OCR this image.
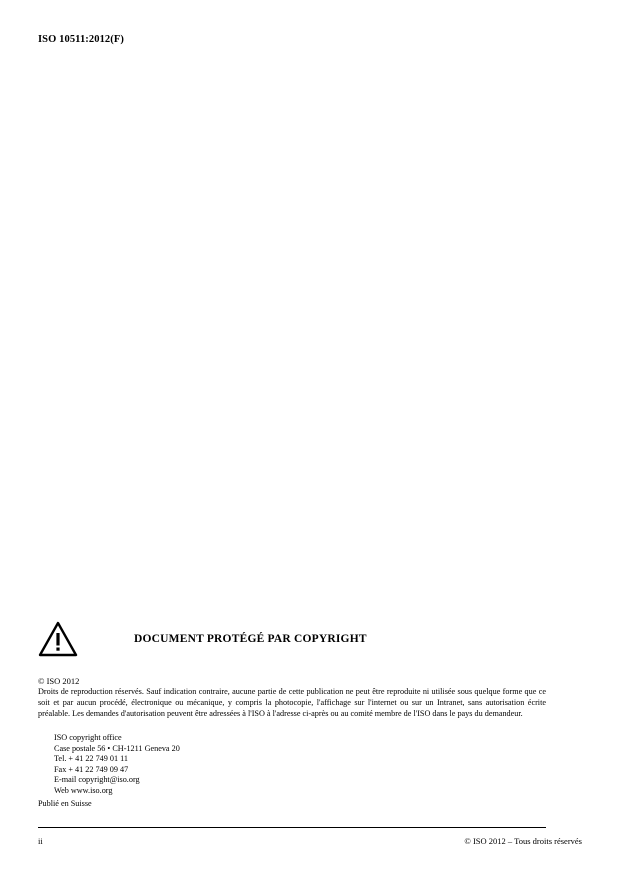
ISO 10511:2012(F)
DOCUMENT PROTÉGÉ PAR COPYRIGHT
© ISO 2012
Droits de reproduction réservés. Sauf indication contraire, aucune partie de cette publication ne peut être reproduite ni utilisée sous quelque forme que ce soit et par aucun procédé, électronique ou mécanique, y compris la photocopie, l'affichage sur l'internet ou sur un Intranet, sans autorisation écrite préalable. Les demandes d'autorisation peuvent être adressées à l'ISO à l'adresse ci-après ou au comité membre de l'ISO dans le pays du demandeur.
ISO copyright office
Case postale 56 • CH-1211 Geneva 20
Tel. + 41 22 749 01 11
Fax + 41 22 749 09 47
E-mail copyright@iso.org
Web www.iso.org
Publié en Suisse
ii	© ISO 2012 – Tous droits réservés
